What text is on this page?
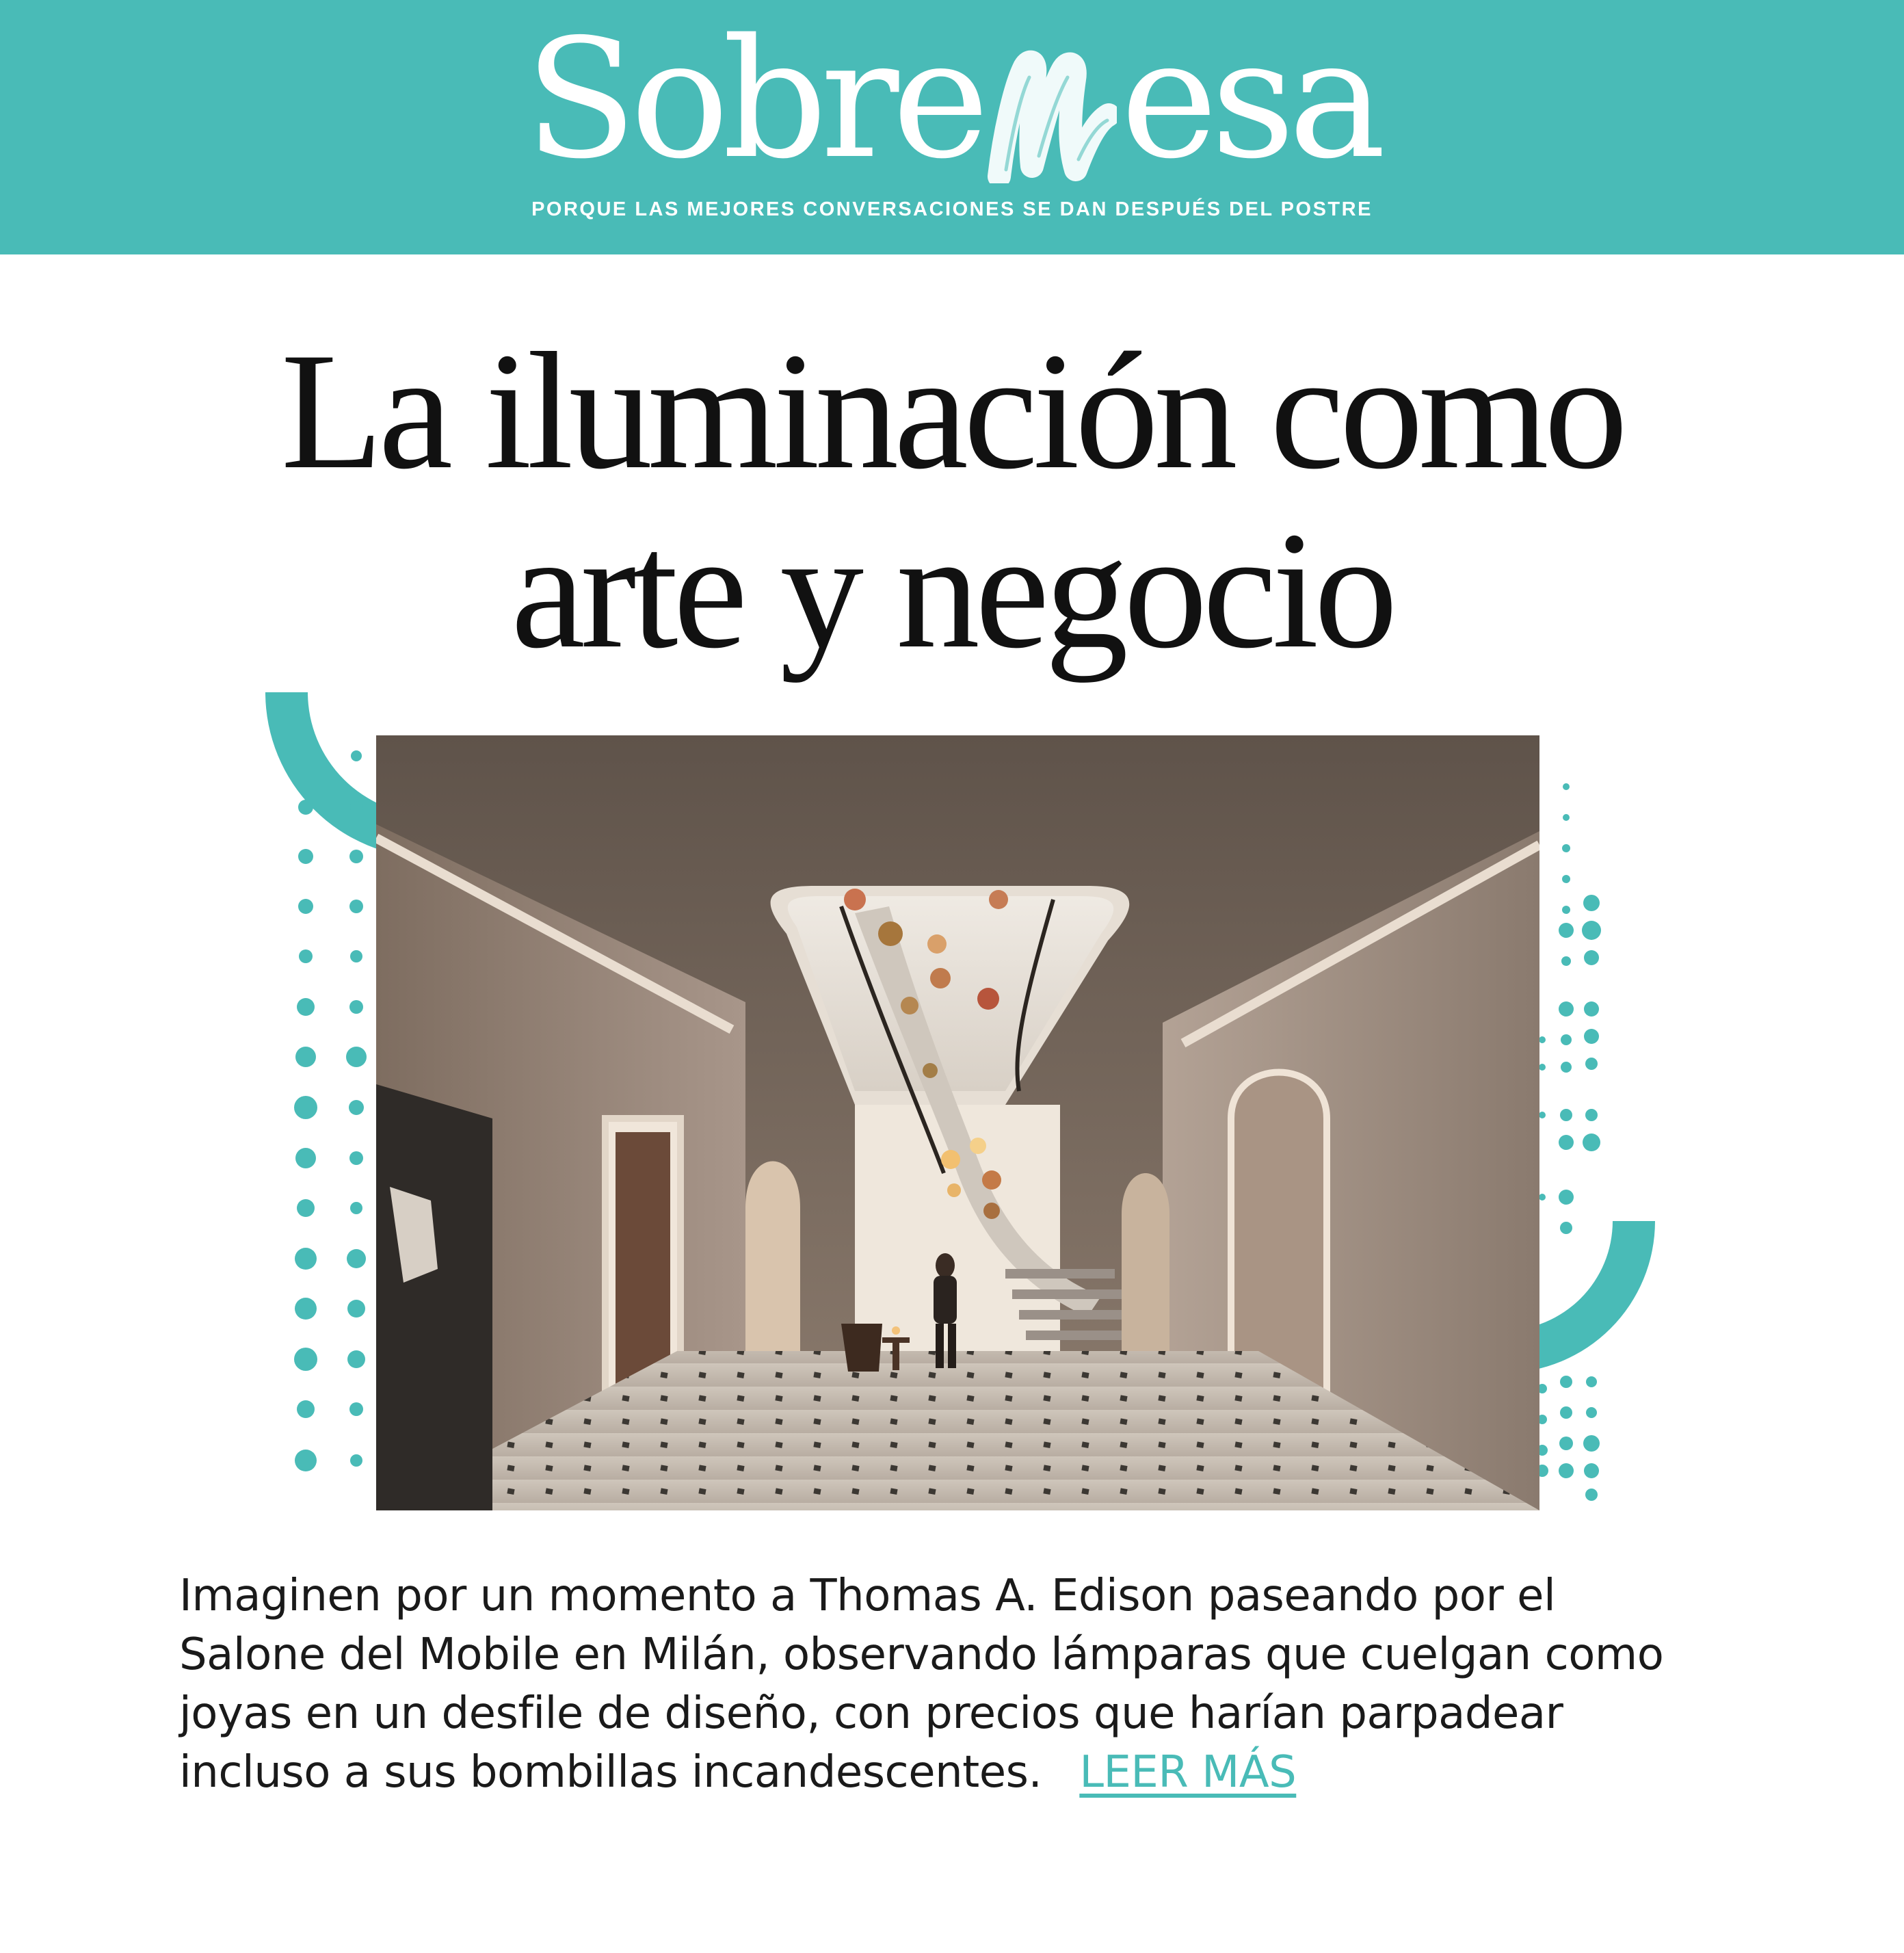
Sobre esa
PORQUE LAS MEJORES CONVERSACIONES SE DAN DESPUÉS DEL POSTRE
La iluminación como
arte y negocio

Imaginen por un momento a Thomas A. Edison paseando por el
Salone del Mobile en Milán, observando lámparas que cuelgan como
joyas en un desfile de diseño, con precios que harían parpadear
incluso a sus bombillas incandescentes. LEER MÁS
